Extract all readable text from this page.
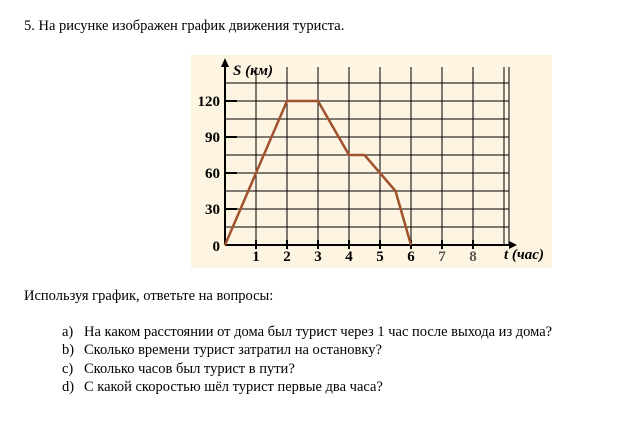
5. На рисунке изображен график движения туриста.
1 2 3 4 5 6 7 8
30
60
90
120
0
S (км)
t (час)
Используя график, ответьте на вопросы:
a) На каком расстоянии от дома был турист через 1 час после выхода из дома?
b) Сколько времени турист затратил на остановку?
c) Сколько часов был турист в пути?
d) С какой скоростью шёл турист первые два часа?
